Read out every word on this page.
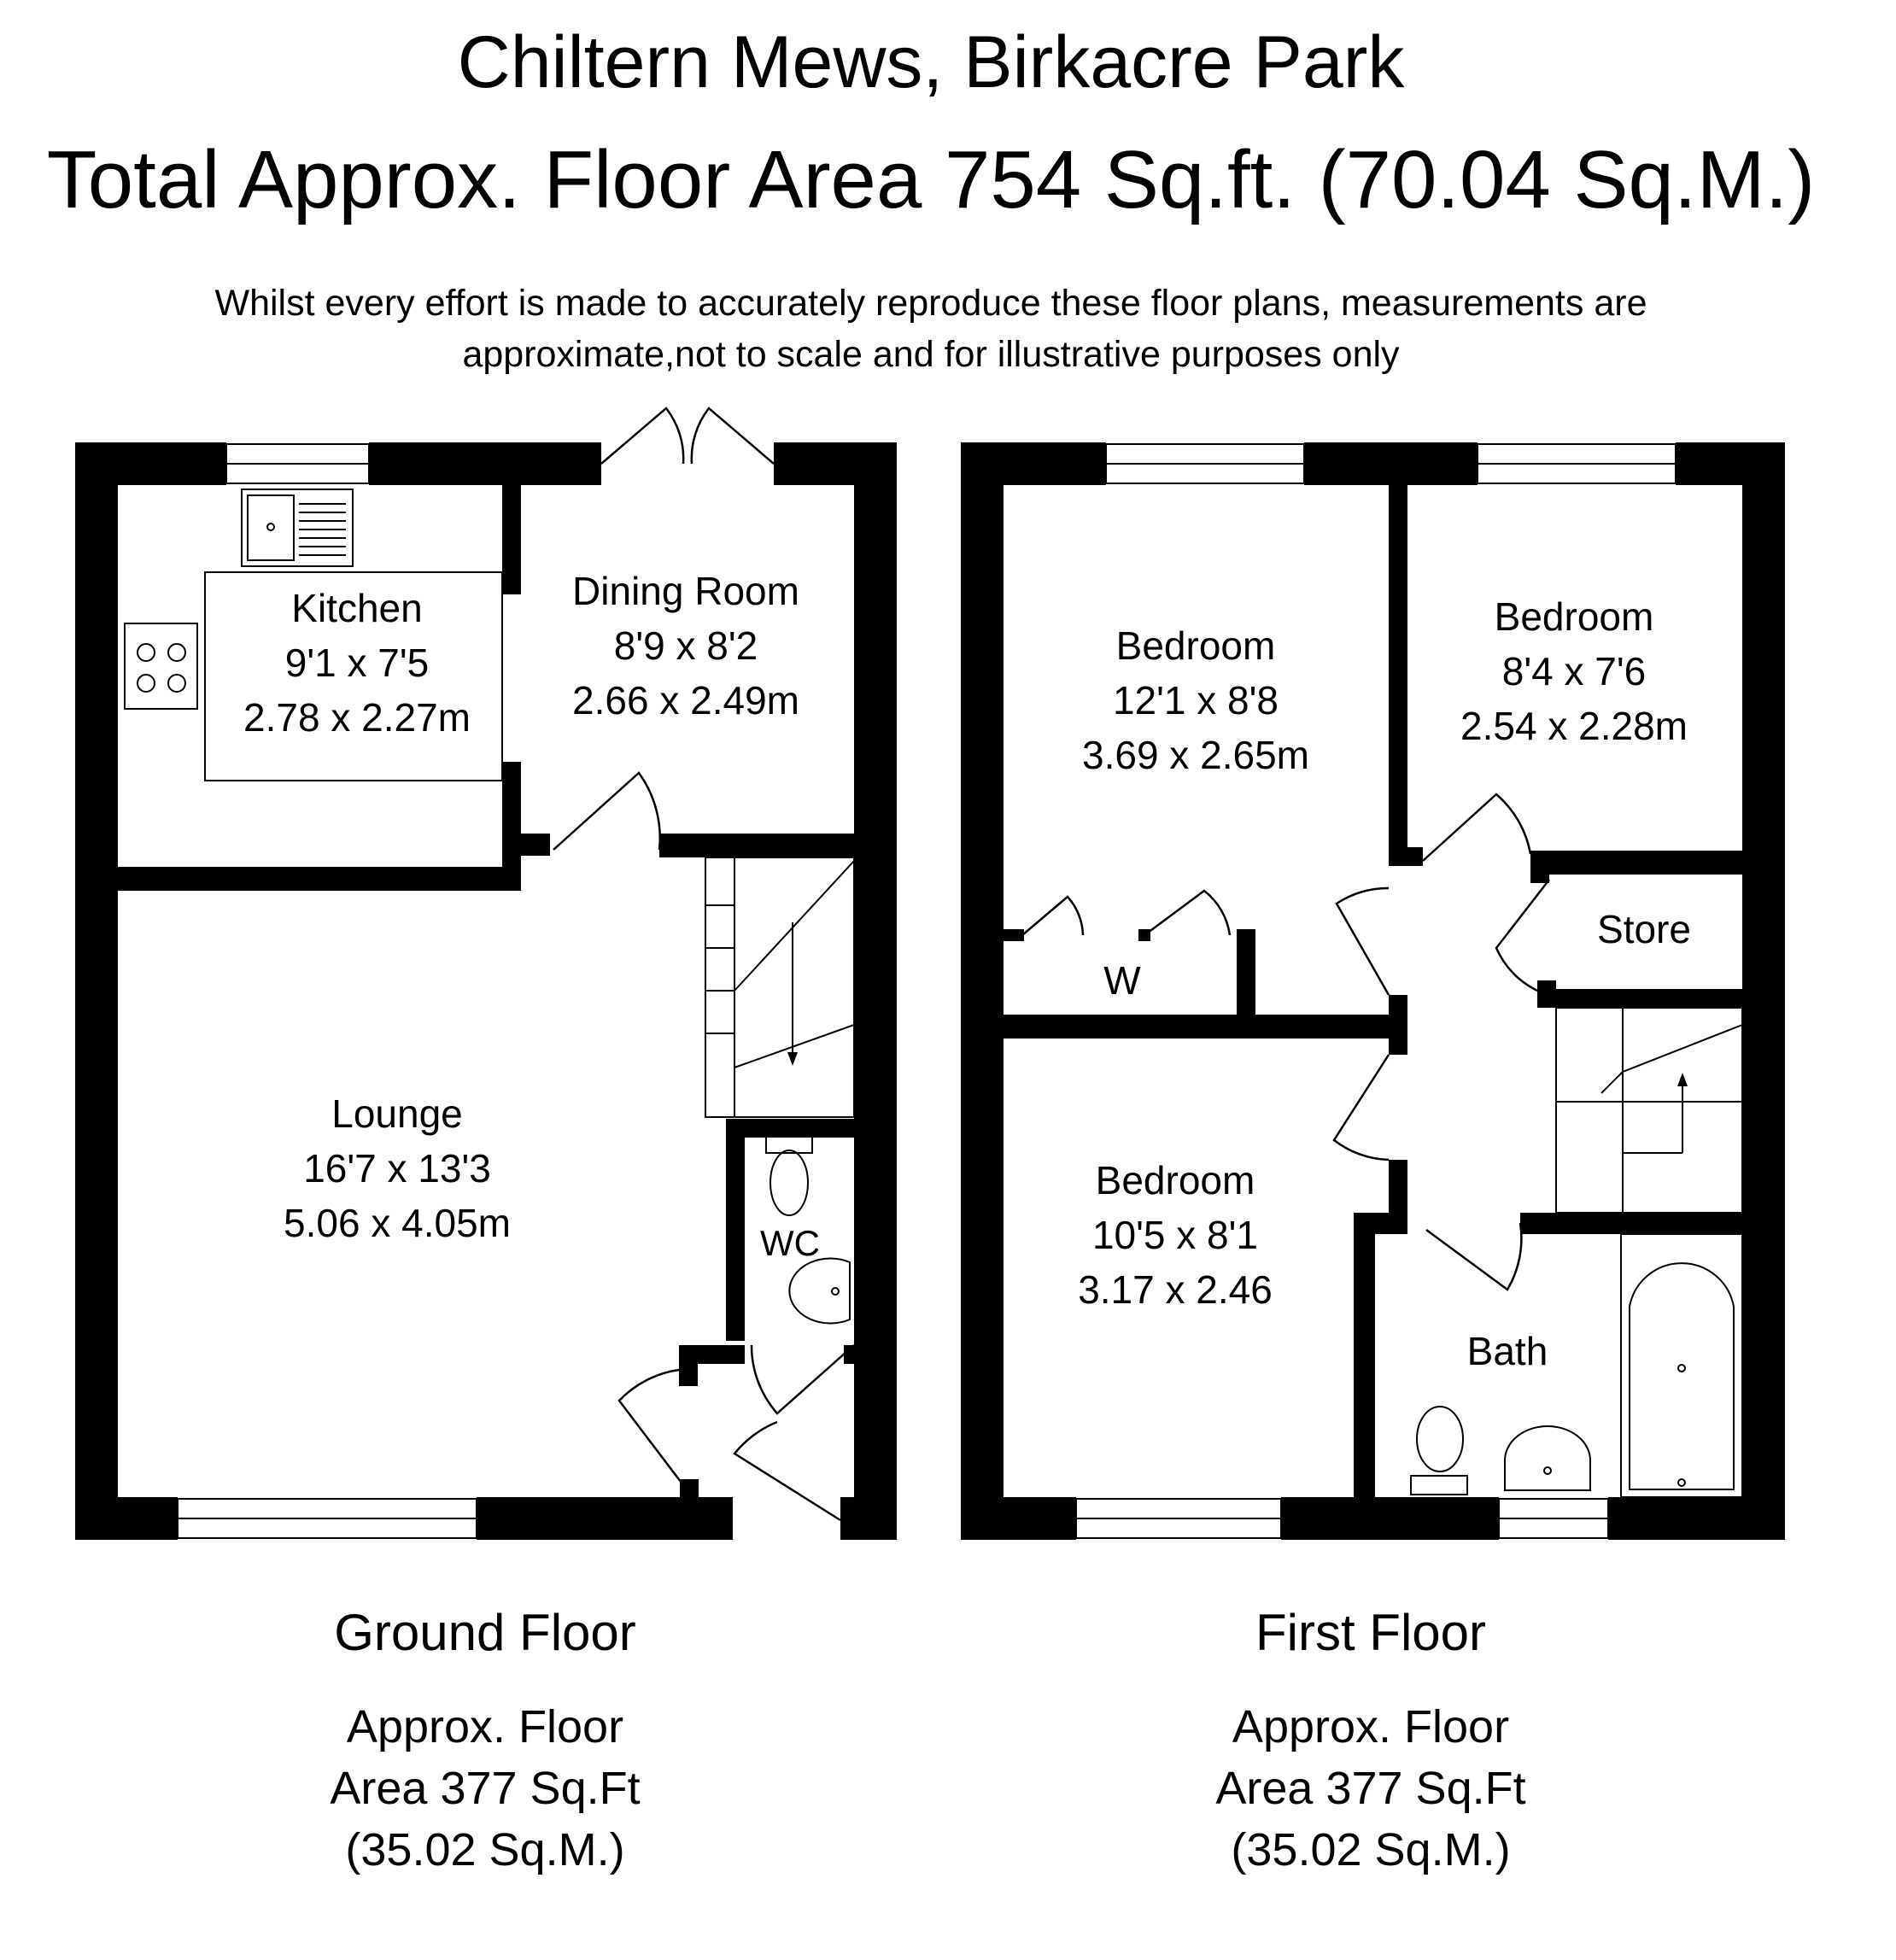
Chiltern Mews, Birkacre Park
Total Approx. Floor Area 754 Sq.ft. (70.04 Sq.M.)
Whilst every effort is made to accurately reproduce these floor plans, measurements are
approximate,not to scale and for illustrative purposes only
Kitchen
9'1 x 7'5
2.78 x 2.27m
Dining Room
8'9 x 8'2
2.66 x 2.49m
Lounge
16'7 x 13'3
5.06 x 4.05m	WC
Ground Floor
Approx. Floor
Area 377 Sq.Ft
(35.02 Sq.M.)
Bedroom
12'1 x 8'8
3.69 x 2.65m
Bedroom
8'4 x 7'6
2.54 x 2.28m
W
Store
Bedroom
10'5 x 8'1
3.17 x 2.46
Bath
First Floor
Approx. Floor
Area 377 Sq.Ft
(35.02 Sq.M.)
